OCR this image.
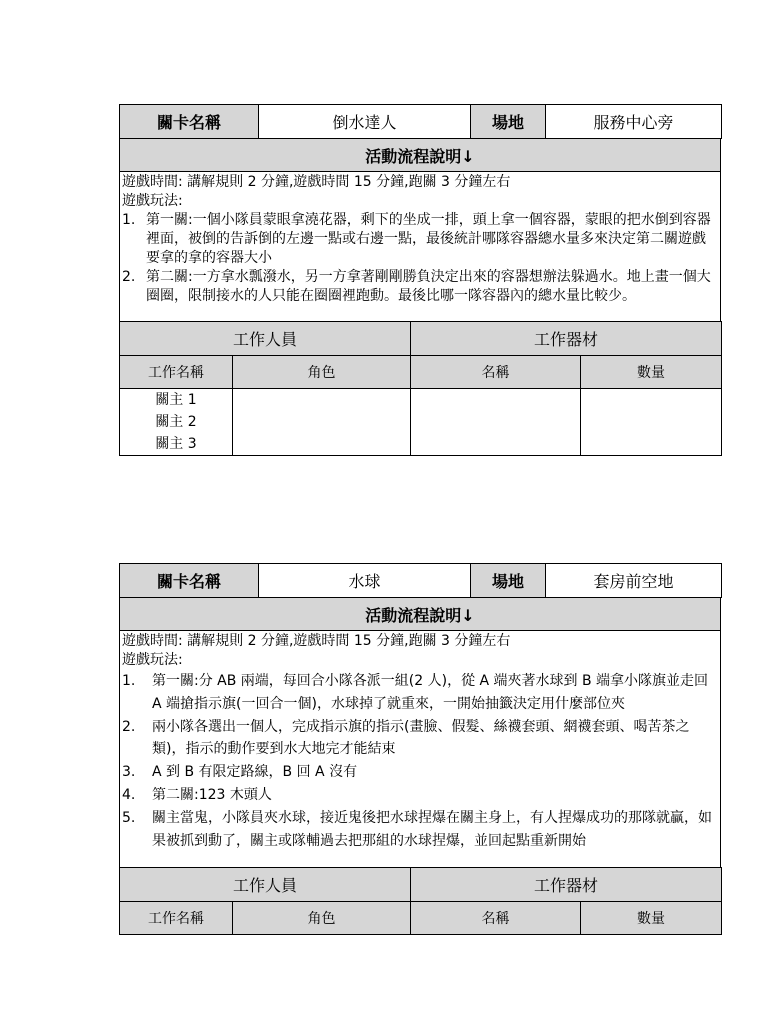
關卡名稱	倒水達人	場地	服務中心旁
活動流程說明↓

遊戲時間: 講解規則 2 分鐘,遊戲時間 15 分鐘,跑關 3 分鐘左右

遊戲玩法:

1. 第一關:一個小隊員蒙眼拿澆花器，剩下的坐成一排，頭上拿一個容器，蒙眼的把水倒到容器裡面，被倒的告訴倒的左邊一點或右邊一點，最後統計哪隊容器總水量多來決定第二關遊戲要拿的拿的容器大小
2. 第二關:一方拿水瓢潑水，另一方拿著剛剛勝負決定出來的容器想辦法躲過水。地上畫一個大圈圈，限制接水的人只能在圈圈裡跑動。最後比哪一隊容器內的總水量比較少。
工作人員		工作器材	
工作名稱	角色	名稱	數量

關主 1
關主 2
關主 3			

關卡名稱	水球	場地	套房前空地
活動流程說明↓

遊戲時間: 講解規則 2 分鐘,遊戲時間 15 分鐘,跑關 3 分鐘左右

遊戲玩法:

1.	第一關:分 AB 兩端，每回合小隊各派一組(2 人)，從 A 端夾著水球到 B 端拿小隊旗並走回 A 端搶指示旗(一回合一個)，水球掉了就重來，一開始抽籤決定用什麼部位夾
2.	兩小隊各選出一個人，完成指示旗的指示(畫臉、假髮、絲襪套頭、網襪套頭、喝苦茶之類)，指示的動作要到水大地完才能結束
3.	A 到 B 有限定路線，B 回 A 沒有
4.	第二關:123 木頭人
5.	關主當鬼，小隊員夾水球，接近鬼後把水球捏爆在關主身上，有人捏爆成功的那隊就贏，如果被抓到動了，關主或隊輔過去把那組的水球捏爆，並回起點重新開始
工作人員		工作器材	
工作名稱	角色	名稱	數量
